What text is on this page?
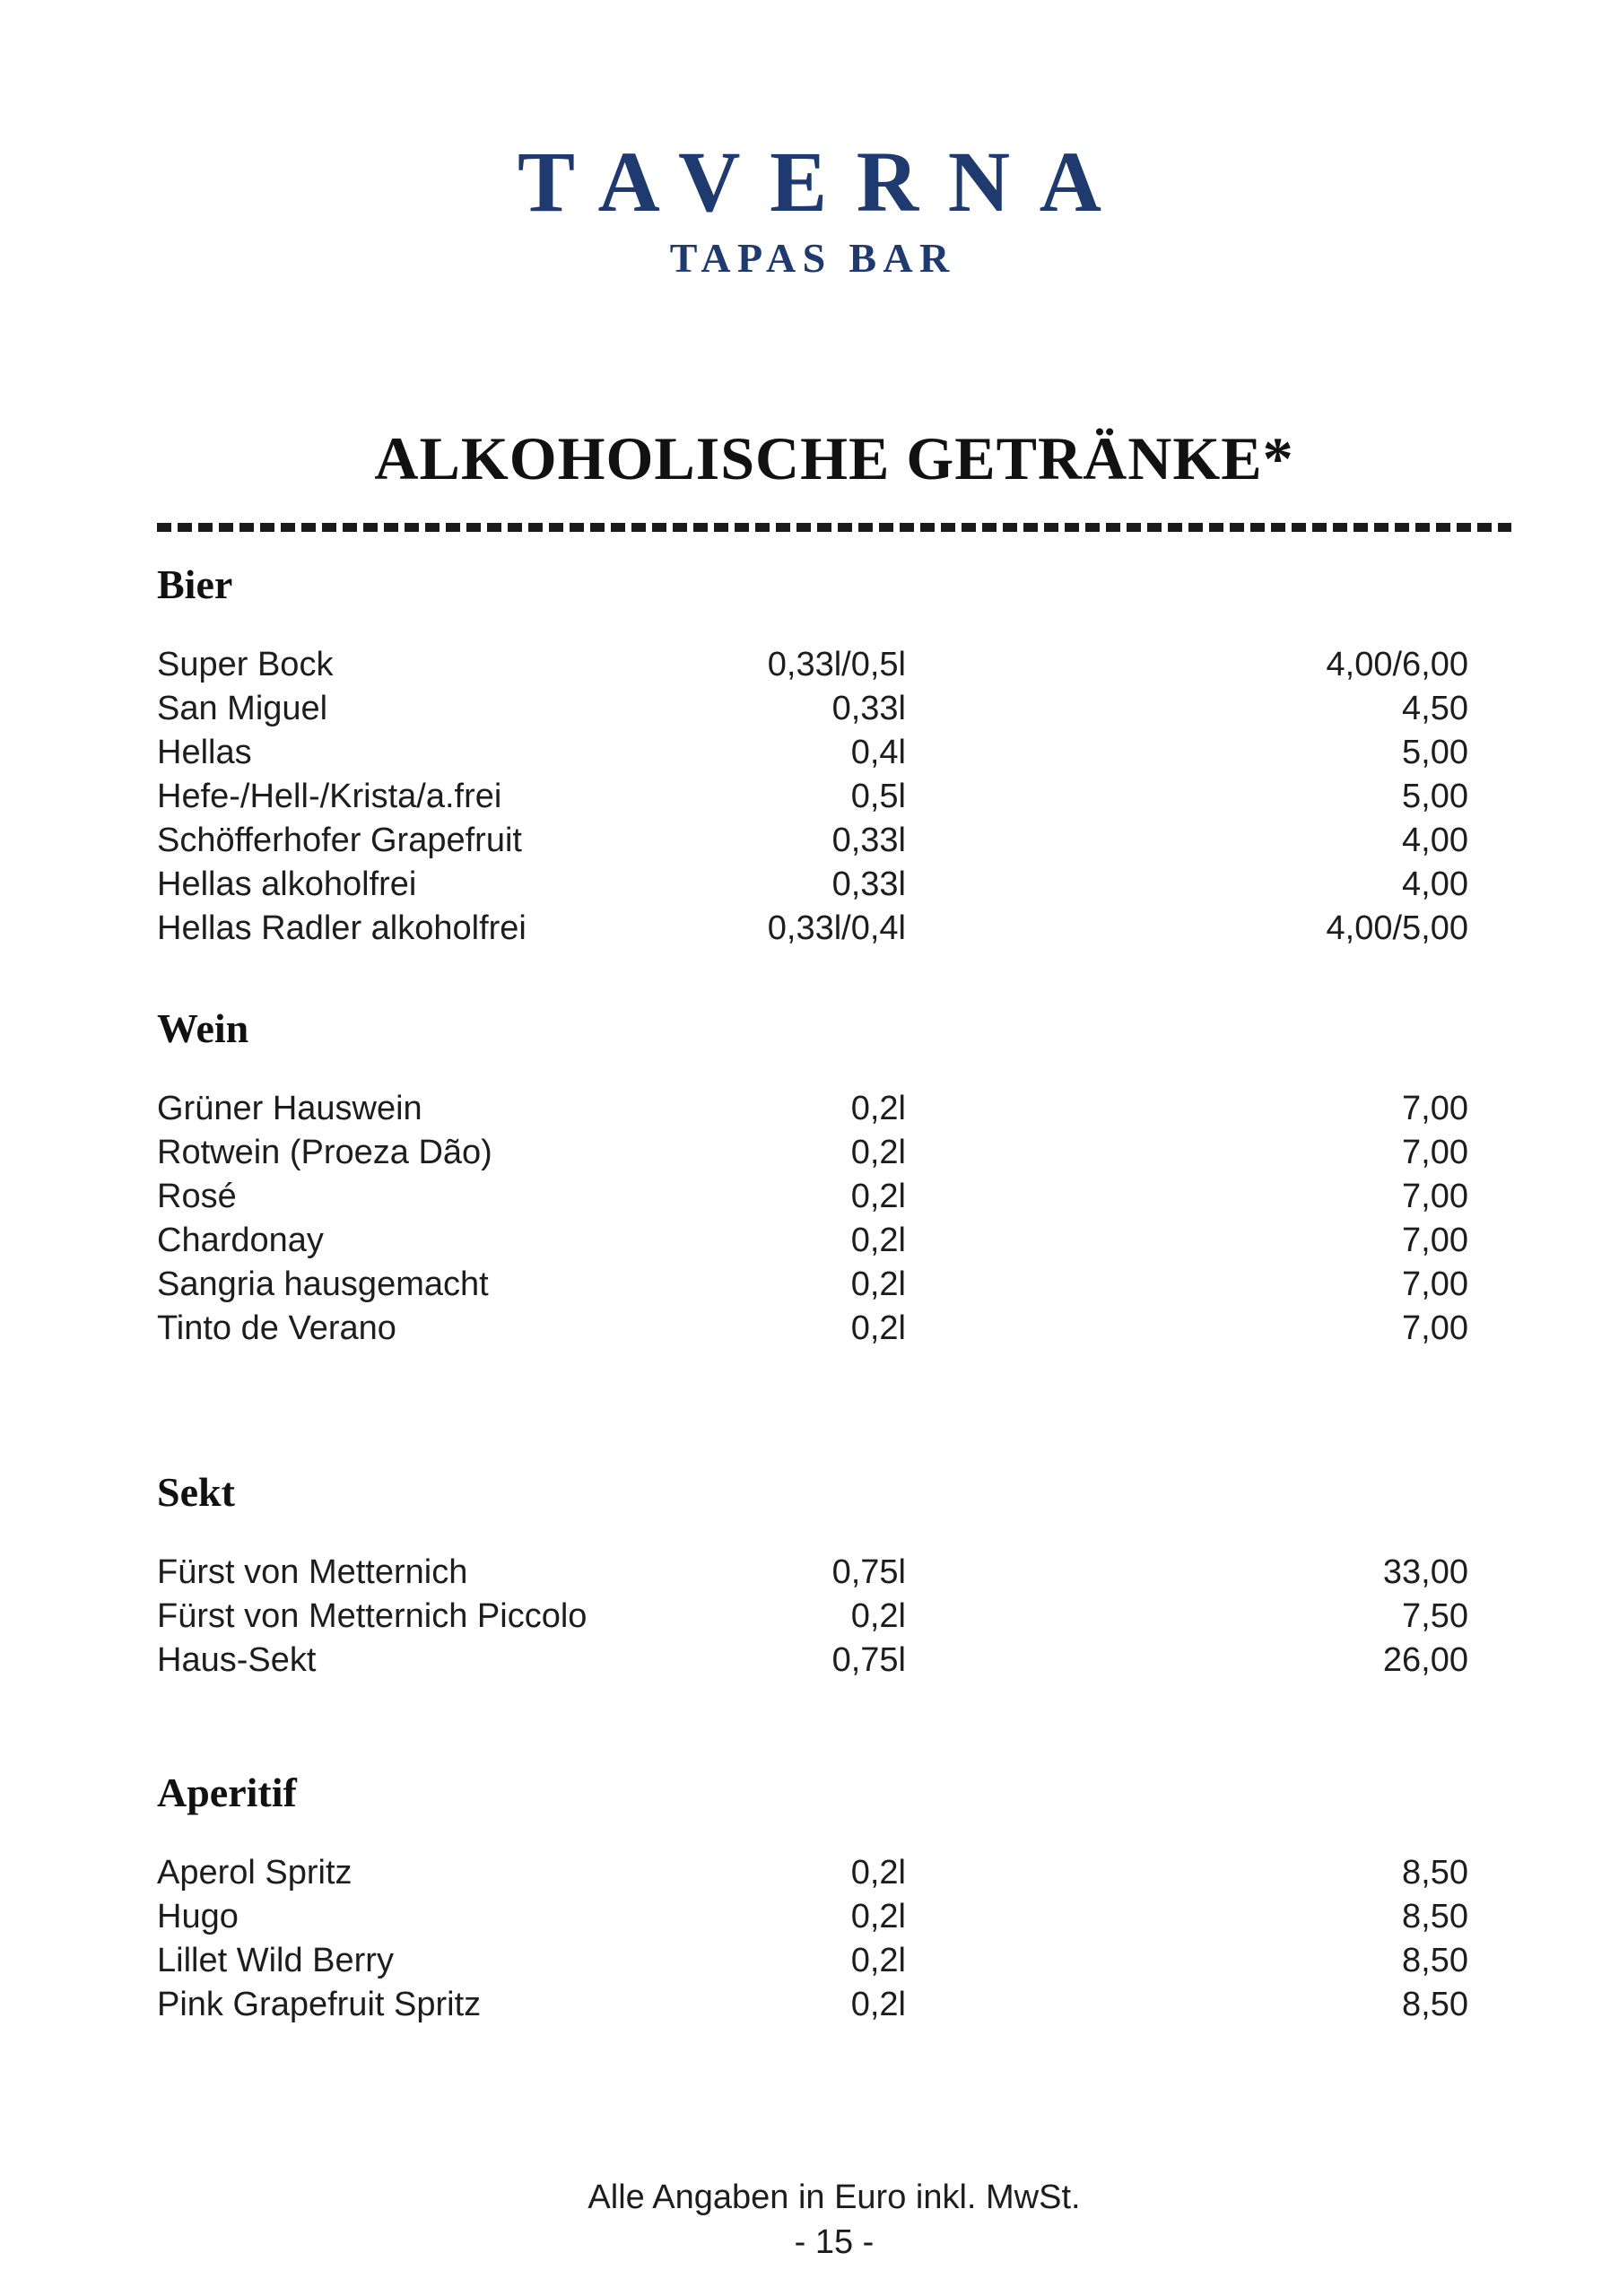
TAVERNA
TAPAS BAR
ALKOHOLISCHE GETRÄNKE*
Bier
Super Bock	0,33l/0,5l	4,00/6,00
San Miguel	0,33l	4,50
Hellas	0,4l	5,00
Hefe-/Hell-/Krista/a.frei	0,5l	5,00
Schöfferhofer Grapefruit	0,33l	4,00
Hellas alkoholfrei	0,33l	4,00
Hellas Radler alkoholfrei	0,33l/0,4l	4,00/5,00
Wein
Grüner Hauswein	0,2l	7,00
Rotwein (Proeza Dão)	0,2l	7,00
Rosé	0,2l	7,00
Chardonay	0,2l	7,00
Sangria hausgemacht	0,2l	7,00
Tinto de Verano	0,2l	7,00
Sekt
Fürst von Metternich	0,75l	33,00
Fürst von Metternich Piccolo	0,2l	7,50
Haus-Sekt	0,75l	26,00
Aperitif
Aperol Spritz	0,2l	8,50
Hugo	0,2l	8,50
Lillet Wild Berry	0,2l	8,50
Pink Grapefruit Spritz	0,2l	8,50
Alle Angaben in Euro inkl. MwSt.
- 15 -
